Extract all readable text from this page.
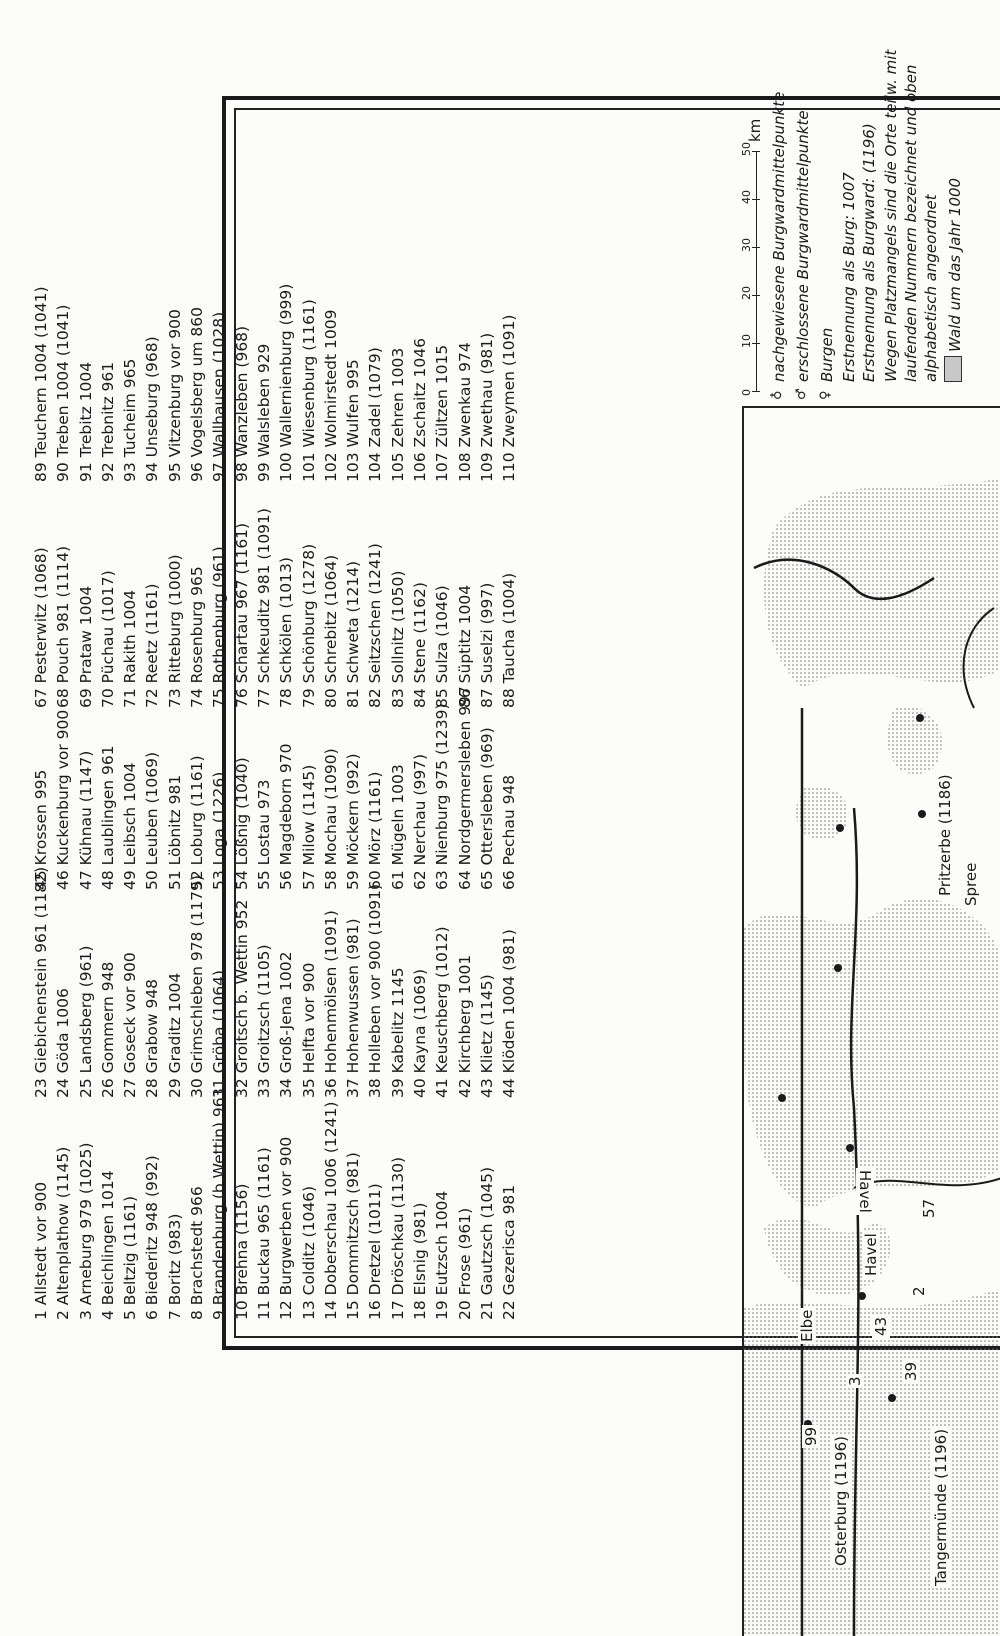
1 Allstedt vor 900 2 Altenplathow (1145) 3 Arneburg 979 (1025) 4 Beichlingen 1014 5 Beltzig (1161) 6 Biederitz 948 (992) 7 Boritz (983) 8 Brachstedt 966 9 Brandenburg (b.Wettin) 961 10 Brehna (1156) 11 Buckau 965 (1161) 12 Burgwerben vor 900 13 Colditz (1046) 14 Doberschau 1006 (1241) 15 Dommitzsch (981) 16 Dretzel (1011) 17 Dröschkau (1130) 18 Elsnig (981) 19 Eutzsch 1004 20 Frose (961) 21 Gautzsch (1045) 22 Gezerisca 981
23 Giebichenstein 961 (1182) 24 Göda 1006 25 Landsberg (961) 26 Gommern 948 27 Goseck vor 900 28 Grabow 948 29 Graditz 1004 30 Grimschleben 978 (1179) 31 Gröba (1064) 32 Groitsch b. Wettin 952 33 Groitzsch (1105) 34 Groß-Jena 1002 35 Helfta vor 900 36 Hohenmölsen (1091) 37 Hohenwussen (981) 38 Holleben vor 900 (1091) 39 Kabelitz 1145 40 Kayna (1069) 41 Keuschberg (1012) 42 Kirchberg 1001 43 Klietz (1145) 44 Klöden 1004 (981)
45 Krossen 995 46 Kuckenburg vor 900 47 Kühnau (1147) 48 Laublingen 961 49 Leibsch 1004 50 Leuben (1069) 51 Löbnitz 981 52 Loburg (1161) 53 Loga (1226) 54 Lößnig (1040) 55 Lostau 973 56 Magdeborn 970 57 Milow (1145) 58 Mochau (1090) 59 Möckern (992) 60 Mörz (1161) 61 Mügeln 1003 62 Nerchau (997) 63 Nienburg 975 (1239) 64 Nordgermersleben 997 65 Ottersleben (969) 66 Pechau 948
67 Pesterwitz (1068) 68 Pouch 981 (1114) 69 Prataw 1004 70 Püchau (1017) 71 Rakith 1004 72 Reetz (1161) 73 Ritteburg (1000) 74 Rosenburg 965 75 Rothenburg (961) 76 Schartau 967 (1161) 77 Schkeuditz 981 (1091) 78 Schkölen (1013) 79 Schönburg (1278) 80 Schrebitz (1064) 81 Schweta (1214) 82 Seitzschen (1241) 83 Sollnitz (1050) 84 Stene (1162) 85 Sulza (1046) 86 Süptitz 1004 87 Suselzi (997) 88 Taucha (1004)
89 Teuchern 1004 (1041) 90 Treben 1004 (1041) 91 Trebitz 1004 92 Trebnitz 961 93 Tucheim 965 94 Unseburg (968) 95 Vitzenburg vor 900 96 Vogelsberg um 860 97 Wallhausen (1028) 98 Wanzleben (968) 99 Walsleben 929 100 Wallernienburg (999) 101 Wiesenburg (1161) 102 Wolmirstedt 1009 103 Wulfen 995 104 Zadel (1079) 105 Zehren 1003 106 Zschaitz 1046 107 Zültzen 1015 108 Zwenkau 974 109 Zwethau (981) 110 Zweymen (1091)
Osterburg (1196)	Tangermünde (1196)
Elbe
Havel
Havel
Spree
Pritzerbe (1186)
99
3
39
43
2
57
♁
nachgewiesene Burgwardmittelpunkte
♂
erschlossene Burgwardmittelpunkte
♀
Burgen Erstnennung als Burg: 1007 Erstnennung als Burgward: (1196) Wegen Platzmangels sind die Orte teilw. mit laufenden Nummern bezeichnet und oben alphabetisch angeordnet Wald um das Jahr 1000
0
10
20
30
40
50
km
